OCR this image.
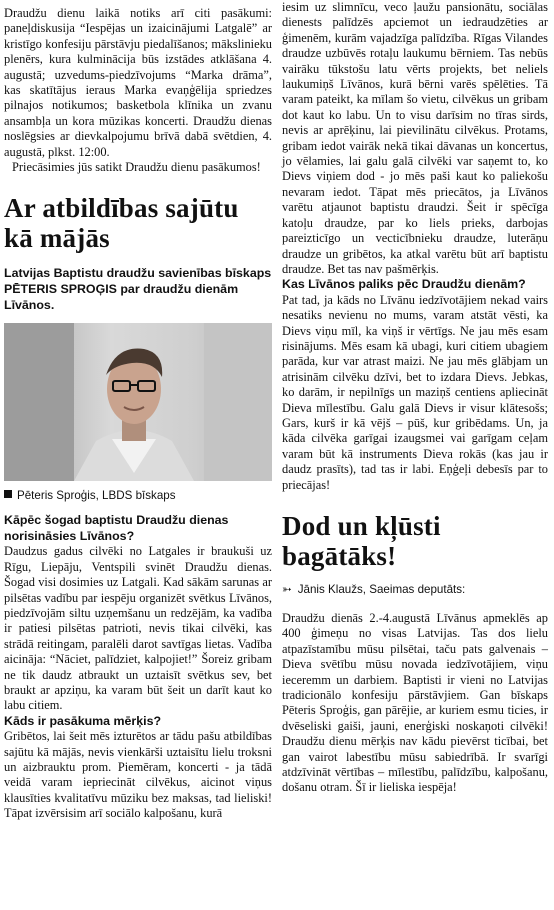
Draudžu dienu laikā notiks arī citi pasākumi: paneļdiskusija “Iespējas un izaicinājumi Latgalē” ar kristīgo konfesiju pārstāvju piedalīšanos; mākslinieku plenērs, kura kulminācija būs izstādes atklāšana 4. augustā; uzvedums-piedzīvojums “Marka drāma”, kas skatītājus ieraus Marka evaņģēlija spriedzes pilnajos notikumos; basketbola klīnika un zvanu ansambļa un kora mūzikas koncerti. Draudžu dienas noslēgsies ar dievkalpojumu brīvā dabā svētdien, 4. augustā, plkst. 12:00.

Priecāsimies jūs satikt Draudžu dienu pasākumos!

Ar atbildības sajūtu kā mājās

Latvijas Baptistu draudžu savienības bīskaps PĒTERIS SPROĢIS par draudžu dienām Līvānos.

Pēteris Sproģis, LBDS bīskaps

Kāpēc šogad baptistu Draudžu dienas norisināsies Līvānos?

Daudzus gadus cilvēki no Latgales ir braukuši uz Rīgu, Liepāju, Ventspili svinēt Draudžu dienas. Šogad visi dosimies uz Latgali. Kad sākām sarunas ar pilsētas vadību par iespēju organizēt svētkus Līvānos, piedzīvojām siltu uzņemšanu un redzējām, ka vadība ir patiesi pilsētas patrioti, nevis tikai cilvēki, kas strādā reitingam, paralēli darot savtīgas lietas. Vadība aicināja: “Nāciet, palīdziet, kalpojiet!” Šoreiz gribam ne tik daudz atbraukt un uztaisīt svētkus sev, bet braukt ar apziņu, ka varam būt šeit un darīt kaut ko labu citiem.

Kāds ir pasākuma mērķis?

Gribētos, lai šeit mēs izturētos ar tādu pašu atbildības sajūtu kā mājās, nevis vienkārši uztaisītu lielu troksni un aizbrauktu prom. Piemēram, koncerti - ja tādā veidā varam iepriecināt cilvēkus, aicinot viņus klausīties kvalitatīvu mūziku bez maksas, tad lieliski! Tāpat izvērsisim arī sociālo kalpošanu, kurā

iesim uz slimnīcu, veco ļaužu pansionātu, sociālas dienests palīdzēs apciemot un iedraudzēties ar ģimenēm, kurām vajadzīga palīdzība. Rīgas Vilandes draudze uzbūvēs rotaļu laukumu bērniem. Tas nebūs vairāku tūkstošu latu vērts projekts, bet neliels laukumiņš Līvānos, kurā bērni varēs spēlēties. Tā varam pateikt, ka mīlam šo vietu, cilvēkus un gribam dot kaut ko labu. Un to visu darīsim no tīras sirds, nevis ar aprēķinu, lai pievilinātu cilvēkus. Protams, gribam iedot vairāk nekā tikai dāvanas un koncertus, jo vēlamies, lai galu galā cilvēki var saņemt to, ko Dievs viņiem dod - jo mēs paši kaut ko paliekošu nevaram iedot. Tāpat mēs priecātos, ja Līvānos varētu atjaunot baptistu draudzi. Šeit ir spēcīga katoļu draudze, par ko liels prieks, darbojas pareizticīgo un vecticībnieku draudze, luterāņu draudze un gribētos, ka atkal varētu būt arī baptistu draudze. Bet tas nav pašmērķis.

Kas Līvānos paliks pēc Draudžu dienām?

Pat tad, ja kāds no Līvānu iedzīvotājiem nekad vairs nesatiks nevienu no mums, varam atstāt vēsti, ka Dievs viņu mīl, ka viņš ir vērtīgs. Ne jau mēs esam risinājums. Mēs esam kā ubagi, kuri citiem ubagiem parāda, kur var atrast maizi. Ne jau mēs glābjam un atrisinām cilvēku dzīvi, bet to izdara Dievs. Jebkas, ko darām, ir nepilnīgs un maziņš centiens apliecināt Dieva mīlestību. Galu galā Dievs ir visur klātesošs; Gars, kurš ir kā vējš – pūš, kur gribēdams. Un, ja kāda cilvēka garīgai izaugsmei vai garīgam ceļam varam būt kā instruments Dieva rokās (kas jau ir daudz prasīts), tad tas ir labi. Eņģeļi debesīs par to priecājas!

Dod un kļūsti bagātāks!

➳ Jānis Klaužs, Saeimas deputāts:

Draudžu dienās 2.-4.augustā Līvānus apmeklēs ap 400 ģimeņu no visas Latvijas. Tas dos lielu atpazīstamību mūsu pilsētai, taču pats galvenais – Dieva svētību mūsu novada iedzīvotājiem, viņu ieceremm un darbiem. Baptisti ir vieni no Latvijas tradicionālo konfesiju pārstāvjiem. Gan bīskaps Pēteris Sproģis, gan pārējie, ar kuriem esmu ticies, ir dvēseliski gaiši, jauni, enerģiski noskaņoti cilvēki! Draudžu dienu mērķis nav kādu pievērst ticībai, bet gan vairot labestību mūsu sabiedrībā. Ir svarīgi atdzīvināt vērtības – mīlestību, palīdzību, kalpošanu, došanu otram. Šī ir lieliska iespēja!
